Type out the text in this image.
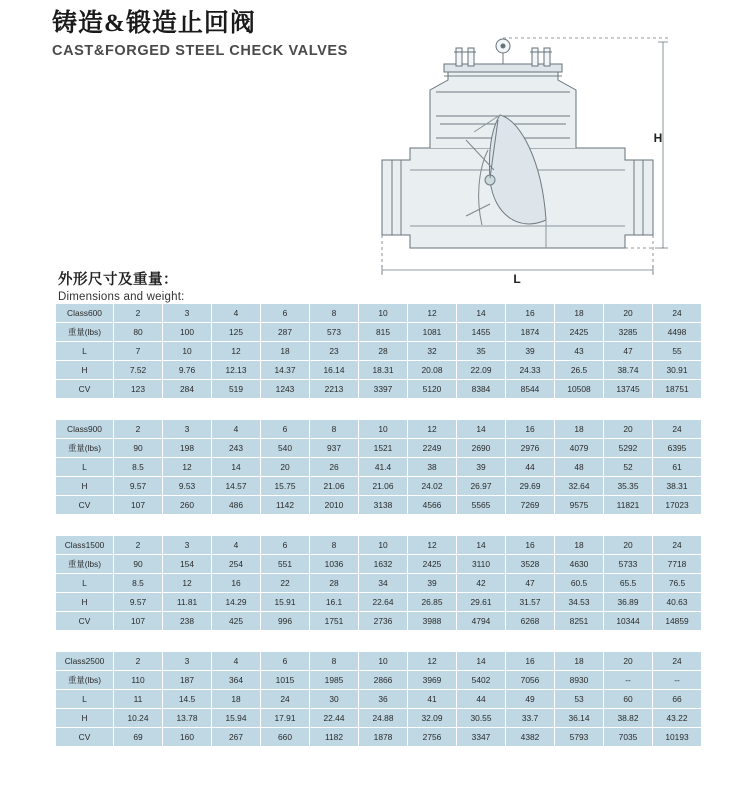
铸造&锻造止回阀
CAST&FORGED STEEL CHECK VALVES
H
L
外形尺寸及重量：
Dimensions and weight:
Class600	2	3	4	6	8	10	12	14	16	18	20	24	
重量(lbs)	80	100	125	287	573	815	1081	1455	1874	2425	3285	4498	
L	7	10	12	18	23	28	32	35	39	43	47	55	
H	7.52	9.76	12.13	14.37	16.14	18.31	20.08	22.09	24.33	26.5	38.74	30.91	
CV	123	284	519	1243	2213	3397	5120	8384	8544	10508	13745	18751	
Class900	2	3	4	6	8	10	12	14	16	18	20	24	
重量(lbs)	90	198	243	540	937	1521	2249	2690	2976	4079	5292	6395	
L	8.5	12	14	20	26	41.4	38	39	44	48	52	61	
H	9.57	9.53	14.57	15.75	21.06	21.06	24.02	26.97	29.69	32.64	35.35	38.31	
CV	107	260	486	1142	2010	3138	4566	5565	7269	9575	11821	17023	
Class1500	2	3	4	6	8	10	12	14	16	18	20	24	
重量(lbs)	90	154	254	551	1036	1632	2425	3110	3528	4630	5733	7718	
L	8.5	12	16	22	28	34	39	42	47	60.5	65.5	76.5	
H	9.57	11.81	14.29	15.91	16.1	22.64	26.85	29.61	31.57	34.53	36.89	40.63	
CV	107	238	425	996	1751	2736	3988	4794	6268	8251	10344	14859	
Class2500	2	3	4	6	8	10	12	14	16	18	20	24	
重量(lbs)	110	187	364	1015	1985	2866	3969	5402	7056	8930	--	--	
L	11	14.5	18	24	30	36	41	44	49	53	60	66	
H	10.24	13.78	15.94	17.91	22.44	24.88	32.09	30.55	33.7	36.14	38.82	43.22	
CV	69	160	267	660	1182	1878	2756	3347	4382	5793	7035	10193	
